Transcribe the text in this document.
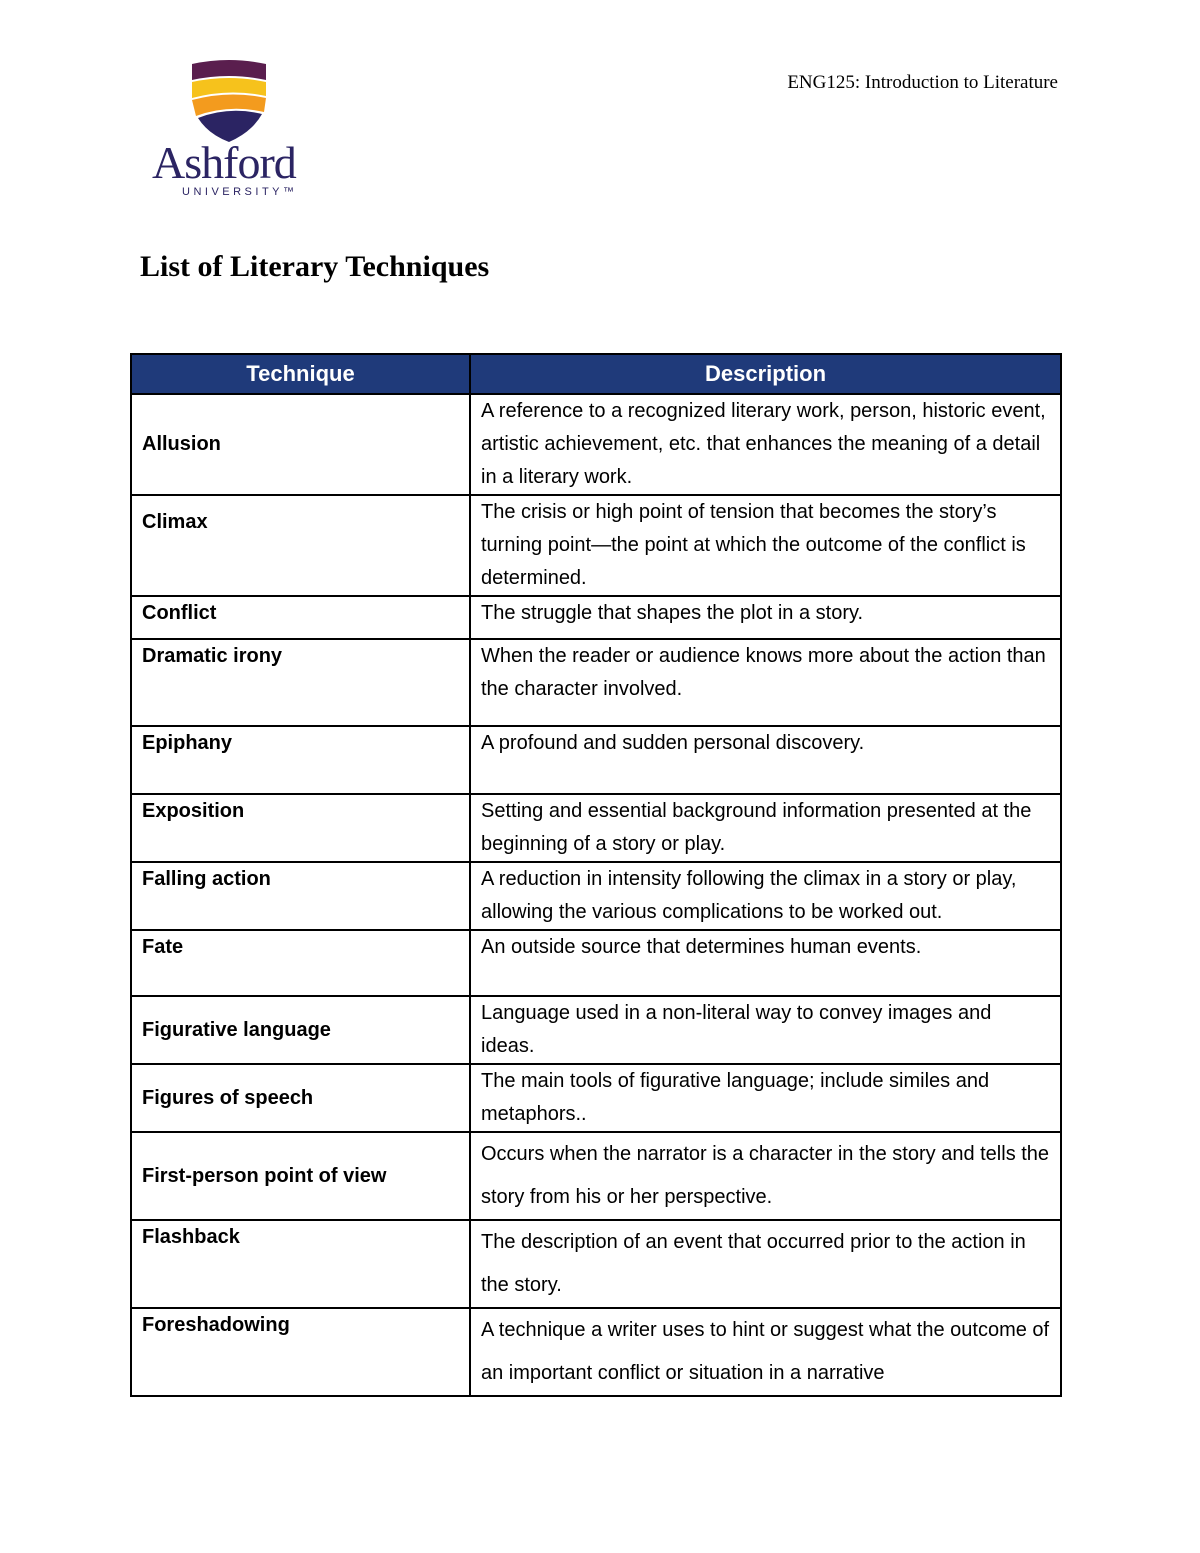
Ashford
UNIVERSITY™
ENG125: Introduction to Literature
List of Literary Techniques
Technique	Description
Allusion	A reference to a recognized literary work, person, historic event, artistic achievement, etc. that enhances the meaning of a detail in a literary work.
Climax	The crisis or high point of tension that becomes the story’s turning point—the point at which the outcome of the conflict is determined.
Conflict	The struggle that shapes the plot in a story.
Dramatic irony	When the reader or audience knows more about the action than the character involved.
Epiphany	A profound and sudden personal discovery.
Exposition	Setting and essential background information presented at the beginning of a story or play.
Falling action	A reduction in intensity following the climax in a story or play, allowing the various complications to be worked out.
Fate	An outside source that determines human events.
Figurative language	Language used in a non-literal way to convey images and ideas.
Figures of speech	The main tools of figurative language; include similes and metaphors..
First-person point of view	Occurs when the narrator is a character in the story and tells the story from his or her perspective.
Flashback	The description of an event that occurred prior to the action in the story.
Foreshadowing	A technique a writer uses to hint or suggest what the outcome of an important conflict or situation in a narrative
